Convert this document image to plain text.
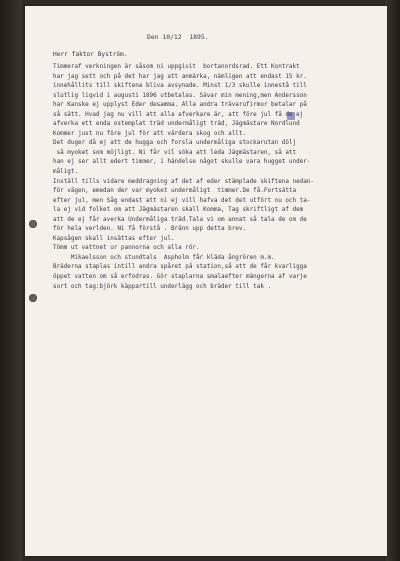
Den 10/12  1895.
Herr faktor Byström.
Timmeraf verkningen är såsom ni uppgivit  bortanordsrad. Ett Kontrakt
har jag sett och på det har jag att anmärka, nämligen att endast 15 kr.
innehållits till skiftena bliva avsynade. Minst 1/3 skulle innestå till
slutlig liqvid i augusti 1896 utbetalas. Sävar min mening,men Andersson
har Kanske ej upplyst Eder desamma. Alla andra trävarufirmor betalar på
så sätt. Hvad jag nu vill att alla afverkare är, att före jul få de ej
afverka ett enda ostemplat träd undermåligt träd, Jägmästare Nordlund
Kommer just nu före jul för att värdera skog och allt.
Det duger då ej att de hugga och forsla undermåliga stockarutan dölj
så myoket som möjligt. Ni får vil söka att leda Jägmästaren, så att
han ej ser allt edert timmer, i händelse något skulle vara hugget under-
måligt.
Inställ tills vidare meddragning af det af eder stämplade skiftena nedan-
för vägen, emedan der var myoket undermåligt  timmer.De få.Fortsätta
efter jul, men Såg endast att ni ej vill hafva det det utfört nu och ta-
la ej vid folket om att Jägmästaren skall Komma, Tag skriftligt af dem
att de ej får averka Undermåliga träd.Tala vi om annat så tala de om de
för hela verlden. Ni få förstå . Bränn upp detta brev.
Kapsågen skall insättas efter jul.
Tömm ut vattnet ur pannorna och alla rör.
Mikaelsson och stundtals  Aspholm får kläda ångrören m.m.
Bräderna staplas intill andra spåret på station,så att de får kvarligga
öppet vatten om så erfodras. Gör staplarna smalaefter mängerna af varje
sort och tag:björk käppartill underlägg och bräder till tak .
